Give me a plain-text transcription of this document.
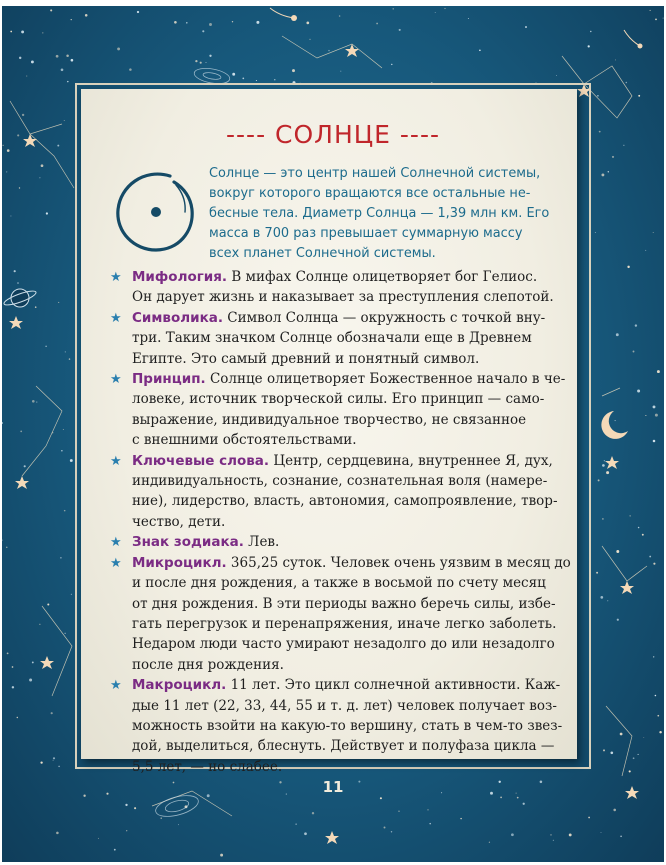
---- СОЛНЦЕ ----
Солнце — это центр нашей Солнечной системы,
вокруг которого вращаются все остальные не-
бесные тела. Диаметр Солнца — 1,39 млн км. Его
масса в 700 раз превышает суммарную массу
всех планет Солнечной системы.
★ Мифология. В мифах Солнце олицетворяет бог Гелиос.
Он дарует жизнь и наказывает за преступления слепотой.
★ Символика. Символ Солнца — окружность с точкой вну-
три. Таким значком Солнце обозначали еще в Древнем
Египте. Это самый древний и понятный символ.
★ Принцип. Солнце олицетворяет Божественное начало в че-
ловеке, источник творческой силы. Его принцип — само-
выражение, индивидуальное творчество, не связанное
с внешними обстоятельствами.
★ Ключевые слова. Центр, сердцевина, внутреннее Я, дух,
индивидуальность, сознание, сознательная воля (намере-
ние), лидерство, власть, автономия, самопроявление, твор-
чество, дети.
★ Знак зодиака. Лев.
★ Микроцикл. 365,25 суток. Человек очень уязвим в месяц до
и после дня рождения, а также в восьмой по счету месяц
от дня рождения. В эти периоды важно беречь силы, избе-
гать перегрузок и перенапряжения, иначе легко заболеть.
Недаром люди часто умирают незадолго до или незадолго
после дня рождения.
★ Макроцикл. 11 лет. Это цикл солнечной активности. Каж-
дые 11 лет (22, 33, 44, 55 и т. д. лет) человек получает воз-
можность взойти на какую-то вершину, стать в чем-то звез-
дой, выделиться, блеснуть. Действует и полуфаза цикла —
5,5 лет, — но слабее.
11
